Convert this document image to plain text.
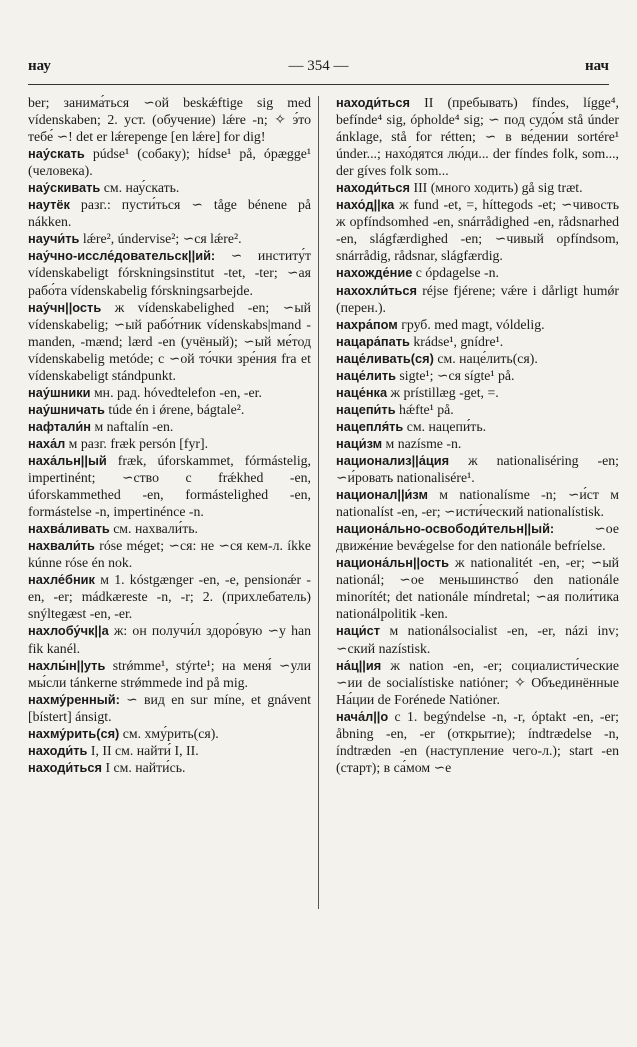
нау	— 354 —	нач

ber; занима́ться ∽ой beskǽftige sig med vídenskaben; 2. уст. (обучение) lǽre -n; ✧ э́то тебе́ ∽! det er lǽrepenge [en lǽre] for dig!

нау́скать púdse¹ (собаку); hídse¹ på, ópægge¹ (человека).

нау́скивать см. нау́скать.

наутёк разг.: пусти́ться ∽ tåge bénene på nákken.

научи́ть lǽre², úndervise²; ∽ся lǽre².

нау́чно-иссле́довательск||ий: ∽ институ́т vídenskabeligt fórskningsinstitut -tet, -ter; ∽ая рабо́та vídenskabelig fórskningsarbejde.

нау́чн||ость ж vídenskabelighed -en; ∽ый vídenskabelig; ∽ый рабо́тник vídenskabs|mand -manden, -mænd; lærd -en (учёный); ∽ый ме́тод vídenskabelig metóde; с ∽ой то́чки зре́ния fra et vídenskabeligt stándpunkt.

нау́шники мн. рад. hóvedtelefon -en, -er.

нау́шничать túde én i ǿrene, bágtale².

нафтали́н м naftalín -en.

наха́л м разг. fræk persón [fyr].

наха́льн||ый fræk, úforskammet, fórmástelig, impertinént; ∽ство с frǽkhed -en, úforskammethed -en, formástelighed -en, formástelse -n, impertinénce -n.

нахва́ливать см. нахвали́ть.

нахвали́ть róse méget; ∽ся: не ∽ся кем-л. íkke kúnne róse én nok.

нахле́бник м 1. kóstgænger -en, -e, pensionǽr -en, -er; mádkæreste -n, -r; 2. (прихлебатель) snýltegæst -en, -er.

нахлобу́чк||а ж: он получи́л здоро́вую ∽у han fik kanél.

нахлы́н||уть strǿmme¹, stýrte¹; на меня́ ∽ули мы́сли tánkerne strǿmmede ind på mig.

нахму́ренный: ∽ вид en sur míne, et gnávent [bístert] ánsigt.

нахму́рить(ся) см. хму́рить(ся).

находи́ть I, II см. найти́ I, II.

находи́ться I см. найти́сь.

находи́ться II (пребывать) fíndes, lígge⁴, befínde⁴ sig, ópholde⁴ sig; ∽ под судо́м stå únder ánklage, stå for rétten; ∽ в ве́дении sortére¹ únder...; нахо́дятся лю́ди... der fíndes folk, som..., der gíves folk som...

находи́ться III (много ходить) gå sig træt.

нахо́д||ка ж fund -et, =, híttegods -et; ∽чивость ж opfíndsomhed -en, snárrådighed -en, rådsnarhed -en, slágfærdighed -en; ∽чивый opfíndsom, snárrådig, rådsnar, slágfærdig.

нахожде́ние с ópdagelse -n.

нахохли́ться réjse fjérene; vǽre i dårligt humǿr (перен.).

нахра́пом груб. med magt, vóldelig.

нацара́пать krádse¹, gnídre¹.

наце́ливать(ся) см. наце́лить(ся).

наце́лить sigte¹; ∽ся sígte¹ på.

наце́нка ж prístillæg -get, =.

нацепи́ть hǽfte¹ på.

нацепля́ть см. нацепи́ть.

наци́зм м nazísme -n.

национализ||а́ция ж nationaliséring -en; ∽и́ровать nationalisére¹.

национал||и́зм м nationalísme -n; ∽и́ст м nationalíst -en, -er; ∽исти́ческий nationalístisk.

национа́льно-освободи́тельн||ый:	∽ое движе́ние bevǽgelse for den nationále befríelse.

национа́льн||ость ж nationalitét -en, -er; ∽ый nationál; ∽ое меньшинство́ den nationále minorítét; det nationále míndretal; ∽ая поли́тика nationálpolitik -ken.

наци́ст м nationálsocialist -en, -er, názi inv; ∽ский nazístisk.

на́ц||ия ж nation -en, -er; социалисти́ческие ∽ии de socialístiske natiόner; ✧ Объединённые На́ции de Forénede Natiόner.

нача́л||о с 1. begýndelse -n, -r, óptakt -en, -er; åbning -en, -er (открытие); índtrædelse -n, índtræden -en (наступление чего-л.); start -en (старт); в са́мом ∽е
